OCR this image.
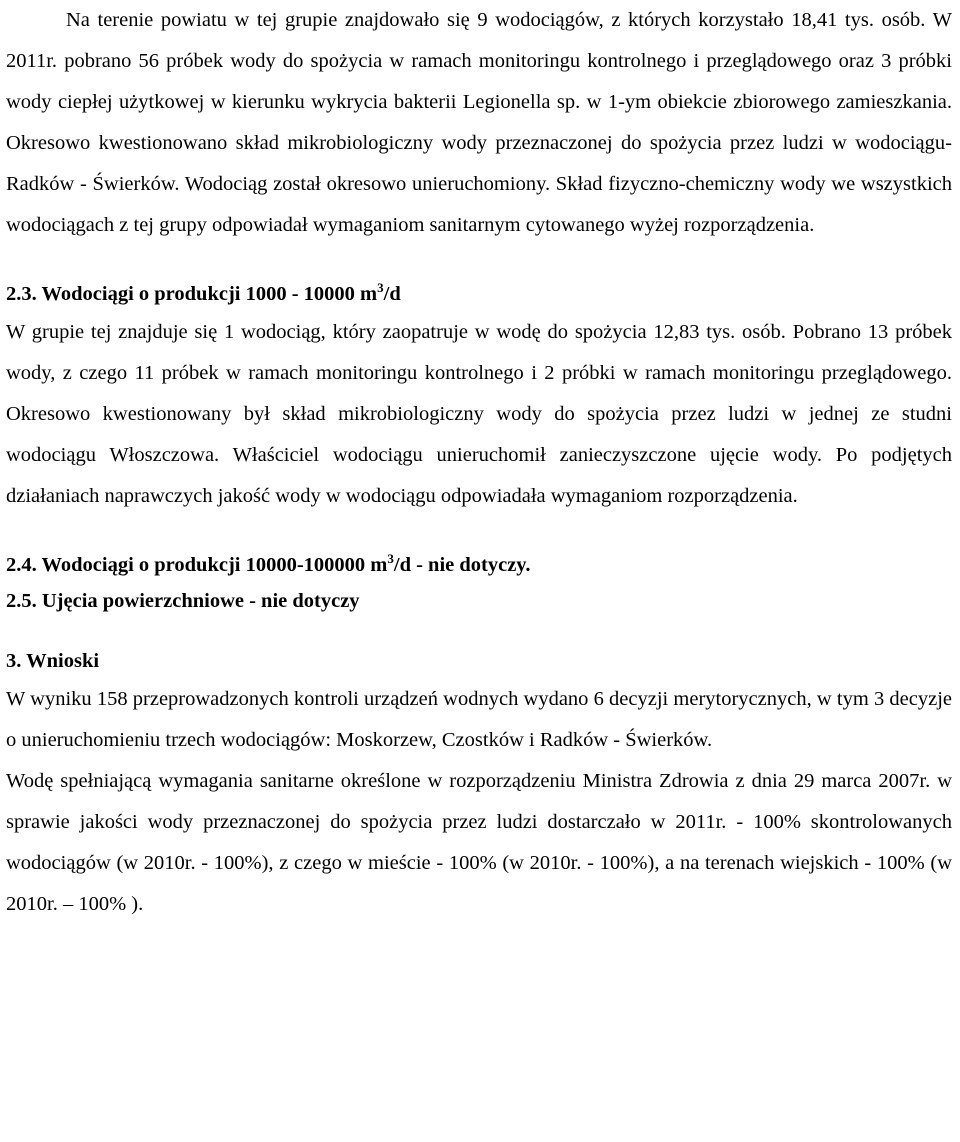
Na terenie powiatu w tej grupie znajdowało się 9 wodociągów, z których korzystało 18,41 tys. osób. W 2011r. pobrano 56 próbek wody do spożycia w ramach monitoringu kontrolnego i przeglądowego oraz 3 próbki wody ciepłej użytkowej w kierunku wykrycia bakterii Legionella sp. w 1-ym obiekcie zbiorowego zamieszkania. Okresowo kwestionowano skład mikrobiologiczny wody przeznaczonej do spożycia przez ludzi w wodociągu- Radków - Świerków. Wodociąg został okresowo unieruchomiony. Skład fizyczno-chemiczny wody we wszystkich wodociągach z tej grupy odpowiadał wymaganiom sanitarnym cytowanego wyżej rozporządzenia.

2.3. Wodociągi o produkcji 1000 - 10000 $m^3/d$

W grupie tej znajduje się 1 wodociąg, który zaopatruje w wodę do spożycia 12,83 tys. osób. Pobrano 13 próbek wody, z czego 11 próbek w ramach monitoringu kontrolnego i 2 próbki w ramach monitoringu przeglądowego. Okresowo kwestionowany był skład mikrobiologiczny wody do spożycia przez ludzi w jednej ze studni wodociągu Włoszczowa. Właściciel wodociągu unieruchomił zanieczyszczone ujęcie wody. Po podjętych działaniach naprawczych jakość wody w wodociągu odpowiadała wymaganiom rozporządzenia.

2.4. Wodociągi o produkcji 10000-100000 $m^3/d$ - nie dotyczy.

2.5. Ujęcia powierzchniowe - nie dotyczy

3. Wnioski

W wyniku 158 przeprowadzonych kontroli urządzeń wodnych wydano 6 decyzji merytorycznych, w tym 3 decyzje o unieruchomieniu trzech wodociągów: Moskorzew, Czostków i Radków - Świerków.

Wodę spełniającą wymagania sanitarne określone w rozporządzeniu Ministra Zdrowia z dnia 29 marca 2007r. w sprawie jakości wody przeznaczonej do spożycia przez ludzi dostarczało w 2011r. - 100% skontrolowanych wodociągów (w 2010r. - 100%), z czego w mieście - 100% (w 2010r. - 100%), a na terenach wiejskich - 100% (w 2010r. – 100% ).
